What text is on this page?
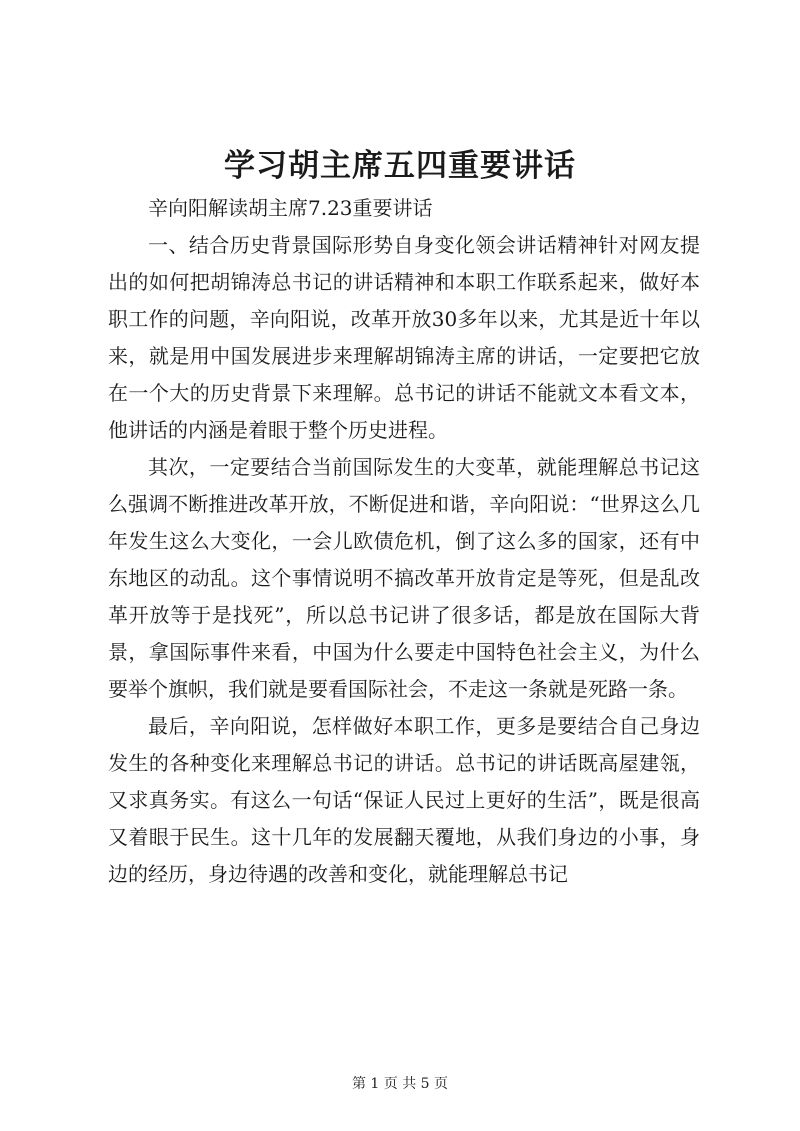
学习胡主席五四重要讲话

辛向阳解读胡主席7.23重要讲话

一、结合历史背景国际形势自身变化领会讲话精神针对网友提出的如何把胡锦涛总书记的讲话精神和本职工作联系起来，做好本职工作的问题，辛向阳说，改革开放30多年以来，尤其是近十年以来，就是用中国发展进步来理解胡锦涛主席的讲话，一定要把它放在一个大的历史背景下来理解。总书记的讲话不能就文本看文本，他讲话的内涵是着眼于整个历史进程。

其次，一定要结合当前国际发生的大变革，就能理解总书记这么强调不断推进改革开放，不断促进和谐，辛向阳说：“世界这么几年发生这么大变化，一会儿欧债危机，倒了这么多的国家，还有中东地区的动乱。这个事情说明不搞改革开放肯定是等死，但是乱改革开放等于是找死”，所以总书记讲了很多话，都是放在国际大背景，拿国际事件来看，中国为什么要走中国特色社会主义，为什么要举个旗帜，我们就是要看国际社会，不走这一条就是死路一条。

最后，辛向阳说，怎样做好本职工作，更多是要结合自己身边发生的各种变化来理解总书记的讲话。总书记的讲话既高屋建瓴，又求真务实。有这么一句话“保证人民过上更好的生活”，既是很高又着眼于民生。这十几年的发展翻天覆地，从我们身边的小事，身边的经历，身边待遇的改善和变化，就能理解总书记

第 1 页 共 5 页
